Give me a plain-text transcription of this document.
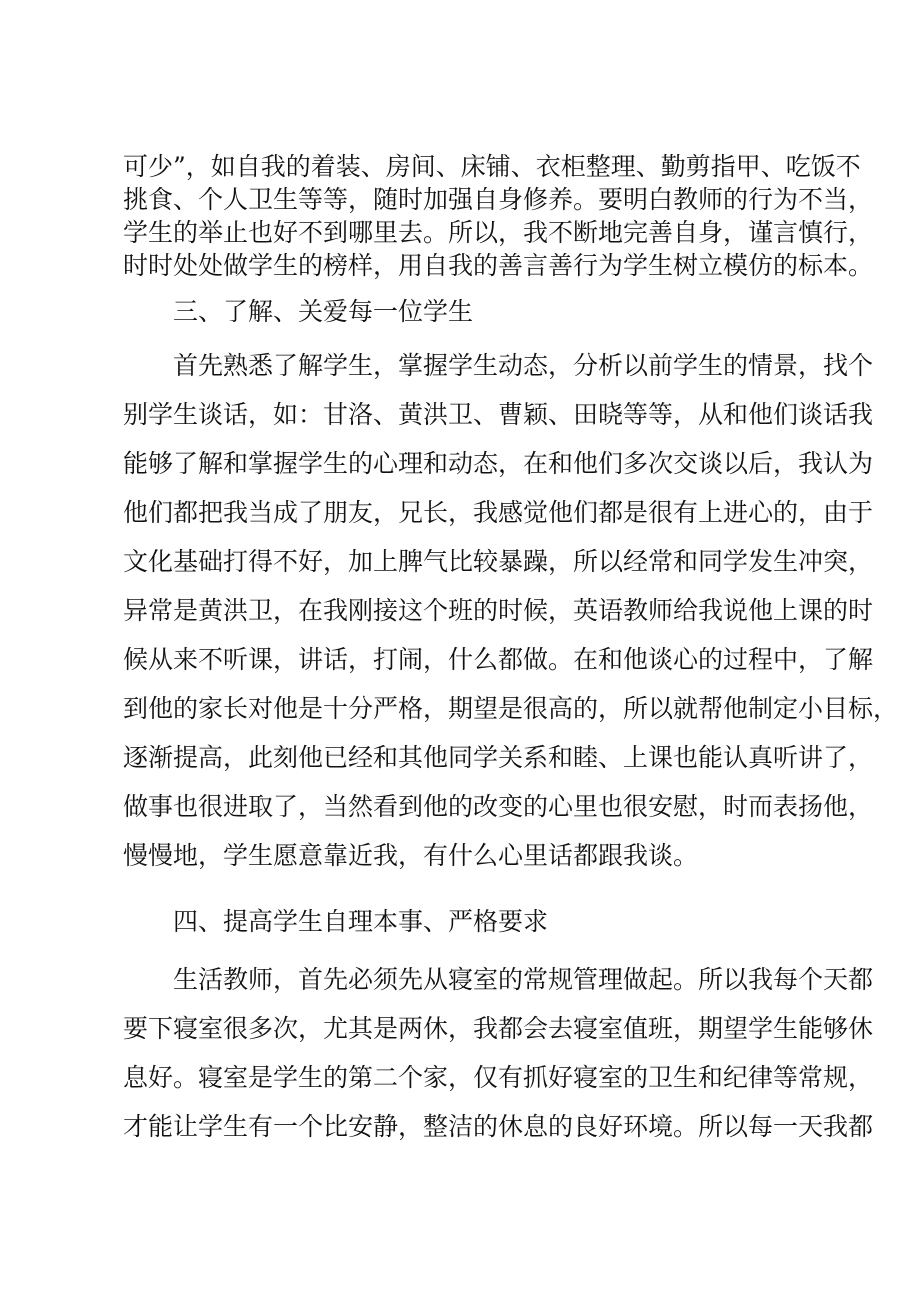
可少”，如自我的着装、房间、床铺、衣柜整理、勤剪指甲、吃饭不
挑食、个人卫生等等，随时加强自身修养。要明白教师的行为不当，
学生的举止也好不到哪里去。所以，我不断地完善自身，谨言慎行，
时时处处做学生的榜样，用自我的善言善行为学生树立模仿的标本。
三、了解、关爱每一位学生
首先熟悉了解学生，掌握学生动态，分析以前学生的情景，找个
别学生谈话，如：甘洛、黄洪卫、曹颖、田晓等等，从和他们谈话我
能够了解和掌握学生的心理和动态，在和他们多次交谈以后，我认为
他们都把我当成了朋友，兄长，我感觉他们都是很有上进心的，由于
文化基础打得不好，加上脾气比较暴躁，所以经常和同学发生冲突，
异常是黄洪卫，在我刚接这个班的时候，英语教师给我说他上课的时
候从来不听课，讲话，打闹，什么都做。在和他谈心的过程中，了解
到他的家长对他是十分严格，期望是很高的，所以就帮他制定小目标，
逐渐提高，此刻他已经和其他同学关系和睦、上课也能认真听讲了，
做事也很进取了，当然看到他的改变的心里也很安慰，时而表扬他，
慢慢地，学生愿意靠近我，有什么心里话都跟我谈。
四、提高学生自理本事、严格要求
生活教师，首先必须先从寝室的常规管理做起。所以我每个天都
要下寝室很多次，尤其是两休，我都会去寝室值班，期望学生能够休
息好。寝室是学生的第二个家，仅有抓好寝室的卫生和纪律等常规，
才能让学生有一个比安静，整洁的休息的良好环境。所以每一天我都
